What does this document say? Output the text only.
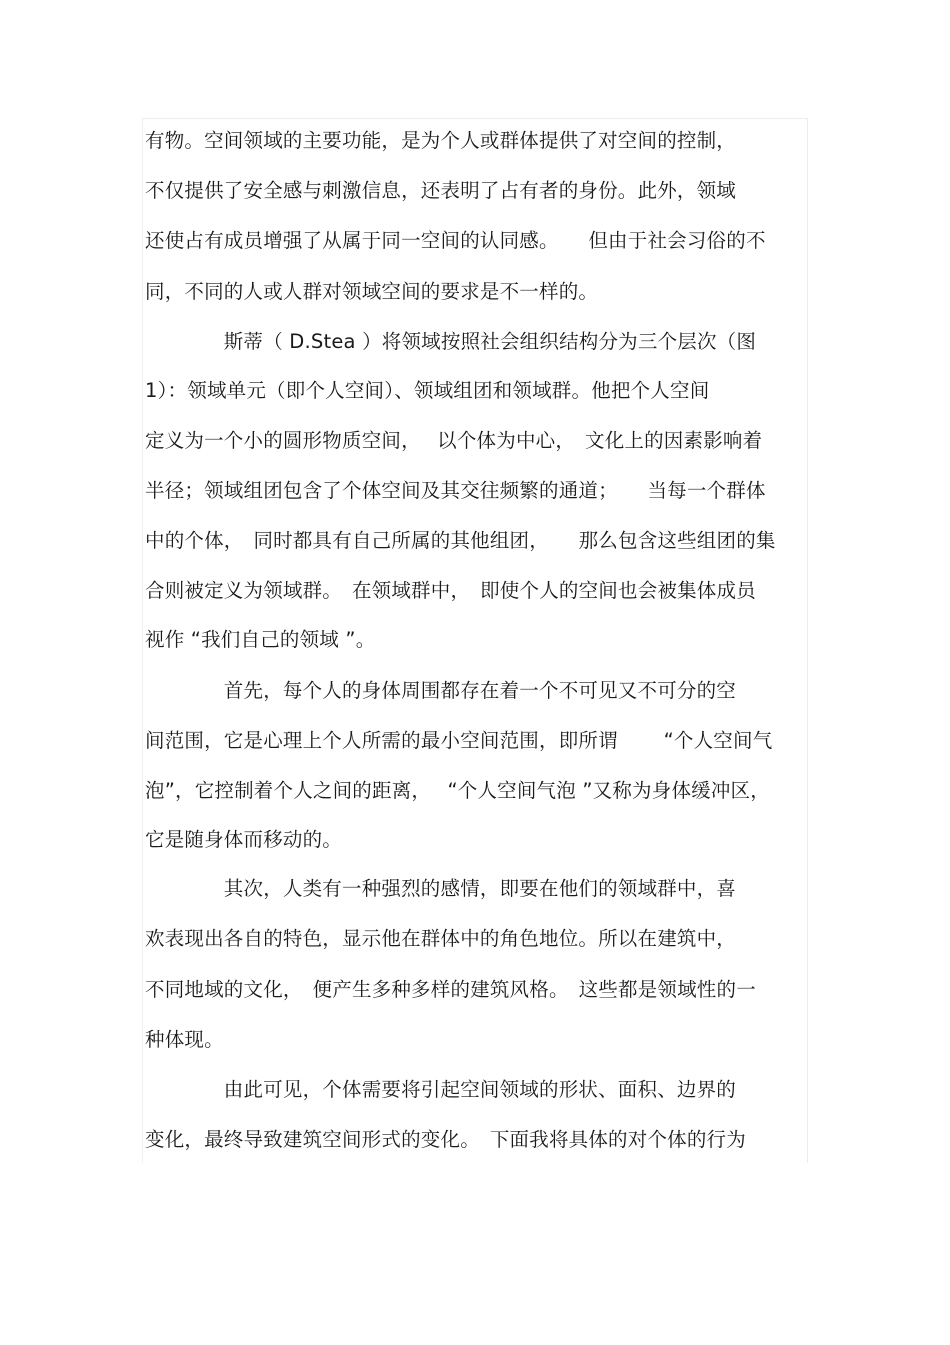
有物。空间领域的主要功能，是为个人或群体提供了对空间的控制，
不仅提供了安全感与刺激信息，还表明了占有者的身份。此外，领域
还使占有成员增强了从属于同一空间的认同感。　　但由于社会习俗的不
同，不同的人或人群对领域空间的要求是不一样的。
　　　　斯蒂（ D.Stea ）将领域按照社会组织结构分为三个层次（图
1）：领域单元（即个人空间）、领域组团和领域群。他把个人空间
定义为一个小的圆形物质空间，　 以个体为中心，　文化上的因素影响着
半径；领域组团包含了个体空间及其交往频繁的通道；　　当每一个群体
中的个体，　同时都具有自己所属的其他组团，　　那么包含这些组团的集
合则被定义为领域群。　在领域群中，　即使个人的空间也会被集体成员
视作 “我们自己的领域 ”。
　　　　首先，每个人的身体周围都存在着一个不可见又不可分的空
间范围，它是心理上个人所需的最小空间范围，即所谓　　 “个人空间气
泡”，它控制着个人之间的距离，　 “个人空间气泡 ”又称为身体缓冲区，
它是随身体而移动的。
　　　　其次，人类有一种强烈的感情，即要在他们的领域群中，喜
欢表现出各自的特色，显示他在群体中的角色地位。所以在建筑中，
不同地域的文化，　便产生多种多样的建筑风格。　这些都是领域性的一
种体现。
　　　　由此可见，个体需要将引起空间领域的形状、面积、边界的
变化，最终导致建筑空间形式的变化。　下面我将具体的对个体的行为
